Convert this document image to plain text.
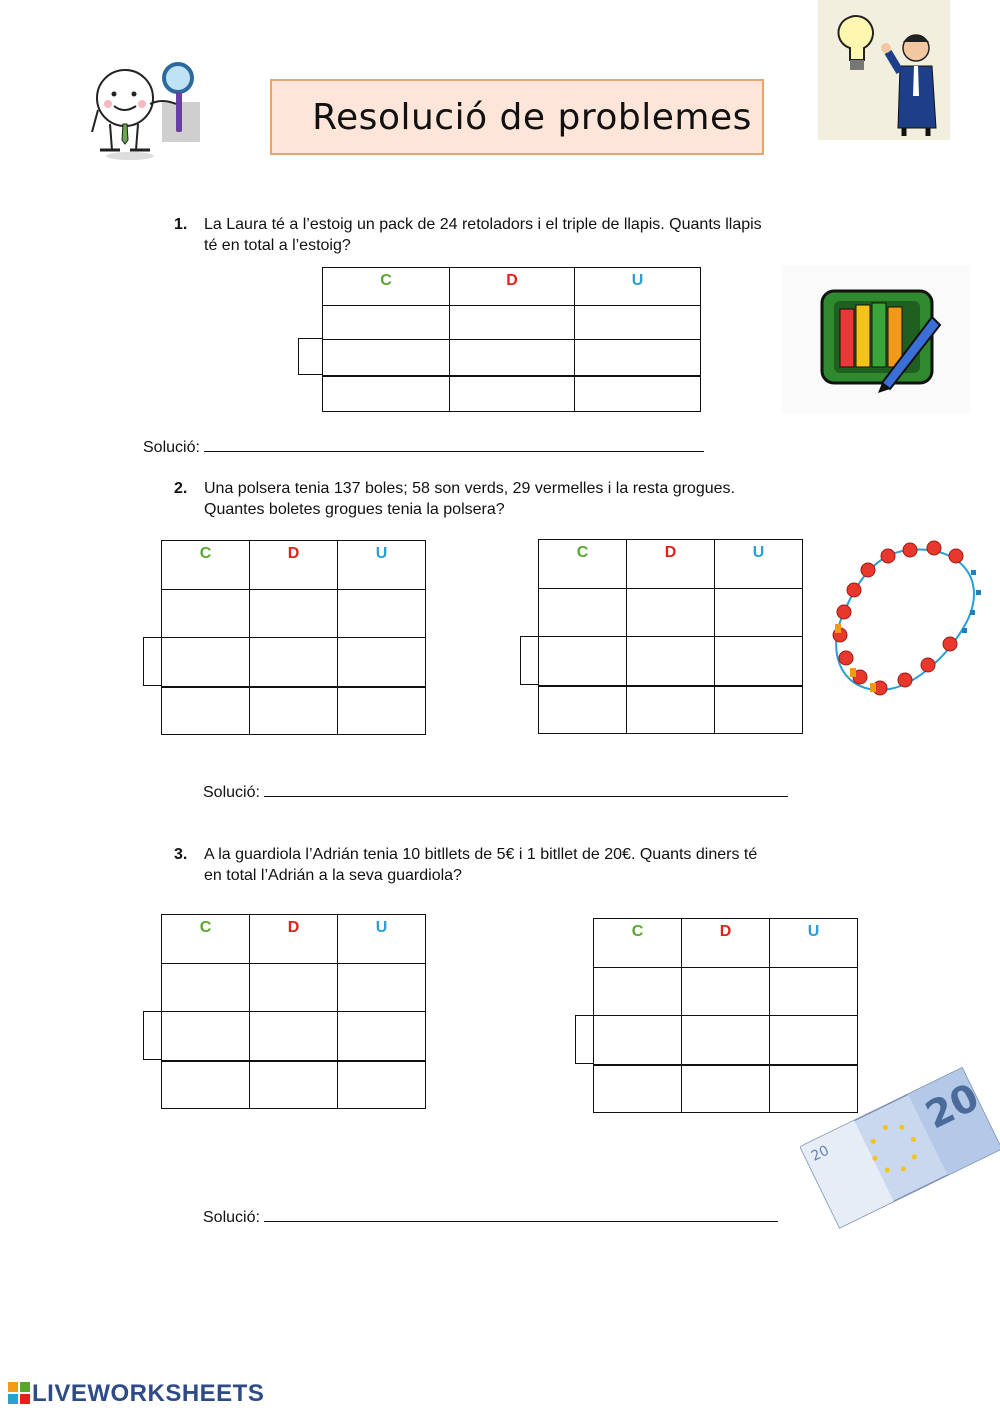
Resolució de problemes
1. La Laura té a l’estoig un pack de 24 retoladors i el triple de llapis. Quants llapis
té en total a l’estoig?
C	D	U
Solució:
2. Una polsera tenia 137 boles; 58 son verds, 29 vermelles i la resta grogues.
Quantes boletes grogues tenia la polsera?
C	D	U	C	D	U
Solució:
3. A la guardiola l’Adrián tenia 10 bitllets de 5€ i 1 bitllet de 20€. Quants diners té
en total l’Adrián a la seva guardiola?
C	D	U	C	D	U
20
20
Solució:
LIVEWORKSHEETS
